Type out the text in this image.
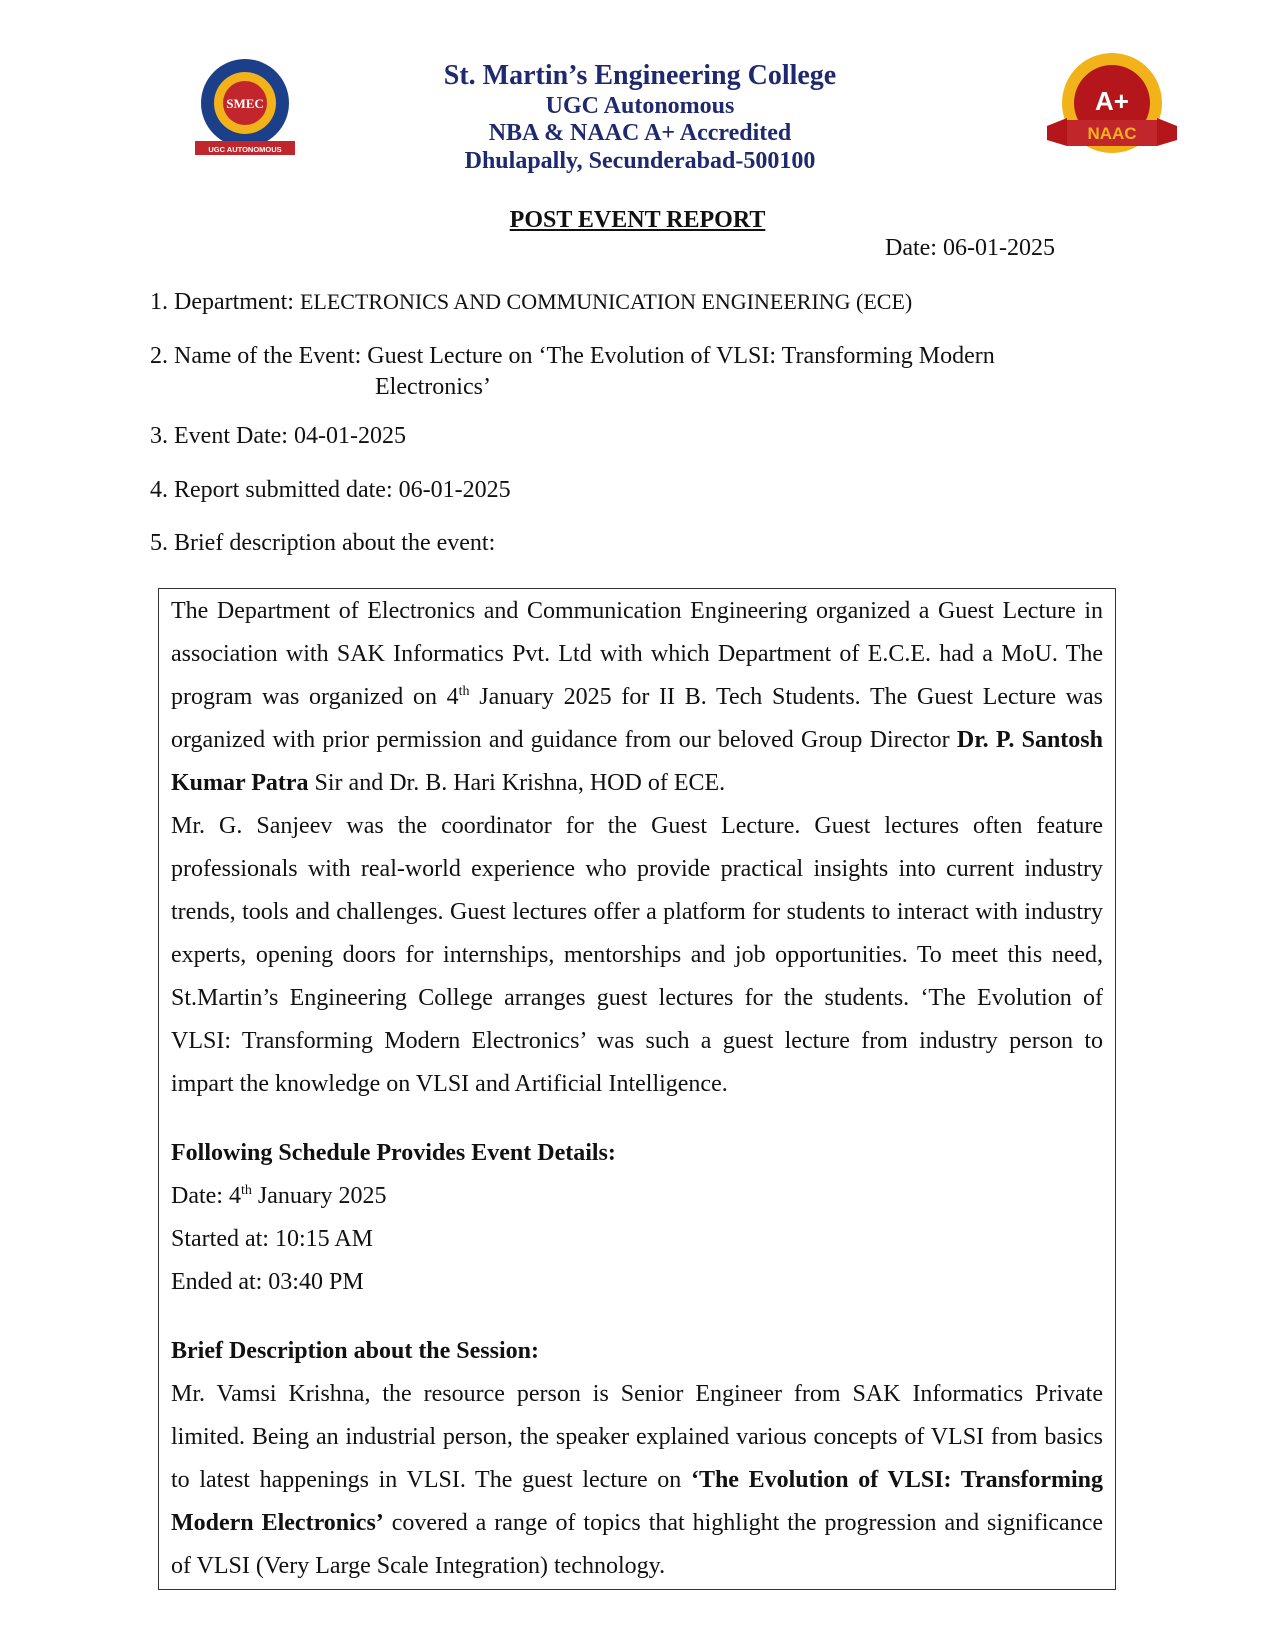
SMEC
UGC AUTONOMOUS
A+
NAAC
St. Martin’s Engineering College
UGC Autonomous
NBA & NAAC A+ Accredited
Dhulapally, Secunderabad-500100
POST EVENT REPORT
Date: 06-01-2025
1. Department: ELECTRONICS AND COMMUNICATION ENGINEERING (ECE)
2. Name of the Event: Guest Lecture on ‘The Evolution of VLSI: Transforming Modern
Electronics’
3. Event Date: 04-01-2025
4. Report submitted date: 06-01-2025
5. Brief description about the event:

The Department of Electronics and Communication Engineering organized a Guest Lecture in association with SAK Informatics Pvt. Ltd with which Department of E.C.E. had a MoU. The program was organized on 4th January 2025 for II B. Tech Students. The Guest Lecture was organized with prior permission and guidance from our beloved Group Director Dr. P. Santosh Kumar Patra Sir and Dr. B. Hari Krishna, HOD of ECE.

Mr. G. Sanjeev was the coordinator for the Guest Lecture. Guest lectures often feature professionals with real-world experience who provide practical insights into current industry trends, tools and challenges. Guest lectures offer a platform for students to interact with industry experts, opening doors for internships, mentorships and job opportunities. To meet this need, St.Martin’s Engineering College arranges guest lectures for the students. ‘The Evolution of VLSI: Transforming Modern Electronics’ was such a guest lecture from industry person to impart the knowledge on VLSI and Artificial Intelligence.

Following Schedule Provides Event Details:

Date: 4th January 2025

Started at: 10:15 AM

Ended at: 03:40 PM

Brief Description about the Session:

Mr. Vamsi Krishna, the resource person is Senior Engineer from SAK Informatics Private limited. Being an industrial person, the speaker explained various concepts of VLSI from basics to latest happenings in VLSI. The guest lecture on ‘The Evolution of VLSI: Transforming Modern Electronics’ covered a range of topics that highlight the progression and significance of VLSI (Very Large Scale Integration) technology.
